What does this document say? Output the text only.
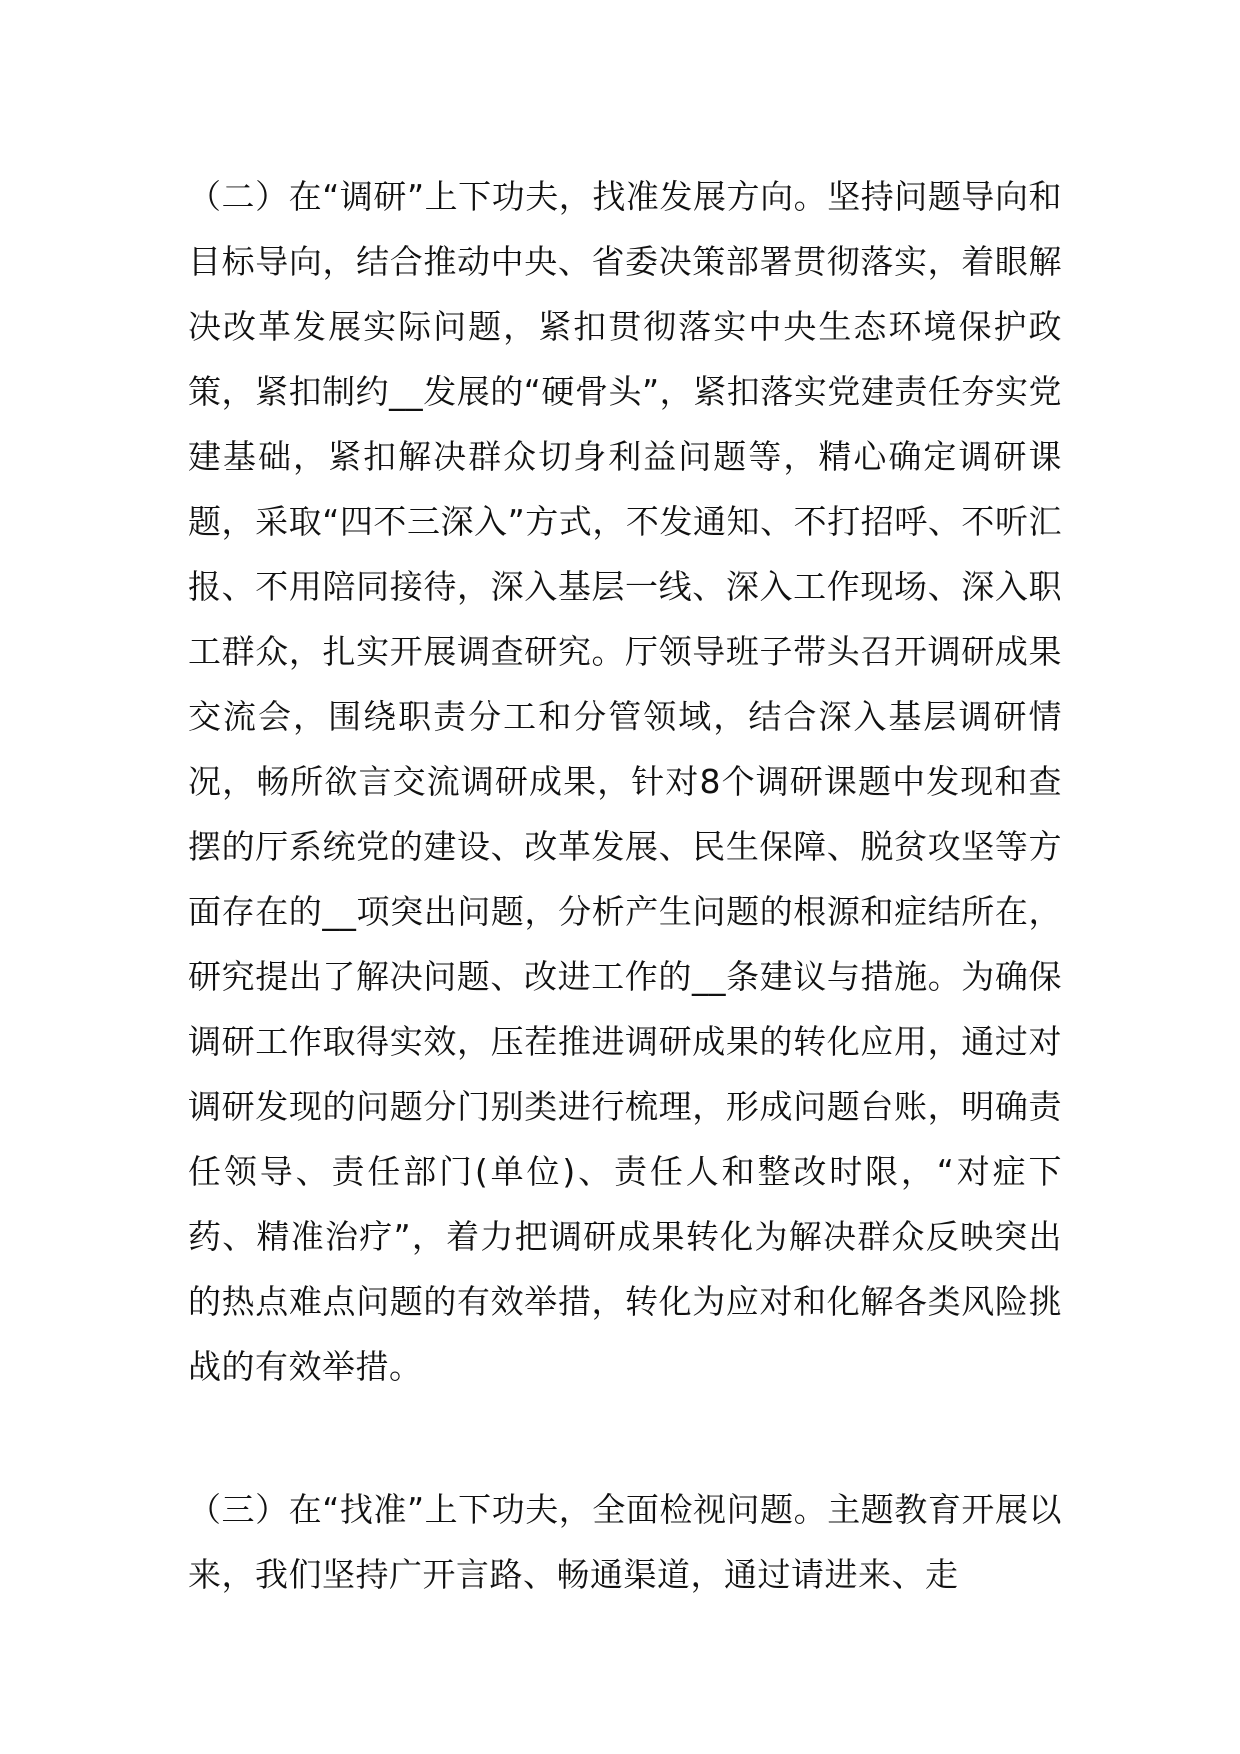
（二）在“调研”上下功夫，找准发展方向。坚持问题导向和目标导向，结合推动中央、省委决策部署贯彻落实，着眼解决改革发展实际问题，紧扣贯彻落实中央生态环境保护政策，紧扣制约__发展的“硬骨头”，紧扣落实党建责任夯实党建基础，紧扣解决群众切身利益问题等，精心确定调研课题，采取“四不三深入”方式，不发通知、不打招呼、不听汇报、不用陪同接待，深入基层一线、深入工作现场、深入职工群众，扎实开展调查研究。厅领导班子带头召开调研成果交流会，围绕职责分工和分管领域，结合深入基层调研情况，畅所欲言交流调研成果，针对8个调研课题中发现和查摆的厅系统党的建设、改革发展、民生保障、脱贫攻坚等方面存在的__项突出问题，分析产生问题的根源和症结所在，研究提出了解决问题、改进工作的__条建议与措施。为确保调研工作取得实效，压茬推进调研成果的转化应用，通过对调研发现的问题分门别类进行梳理，形成问题台账，明确责任领导、责任部门(单位)、责任人和整改时限，“对症下药、精准治疗”，着力把调研成果转化为解决群众反映突出的热点难点问题的有效举措，转化为应对和化解各类风险挑战的有效举措。

（三）在“找准”上下功夫，全面检视问题。主题教育开展以来，我们坚持广开言路、畅通渠道，通过请进来、走
